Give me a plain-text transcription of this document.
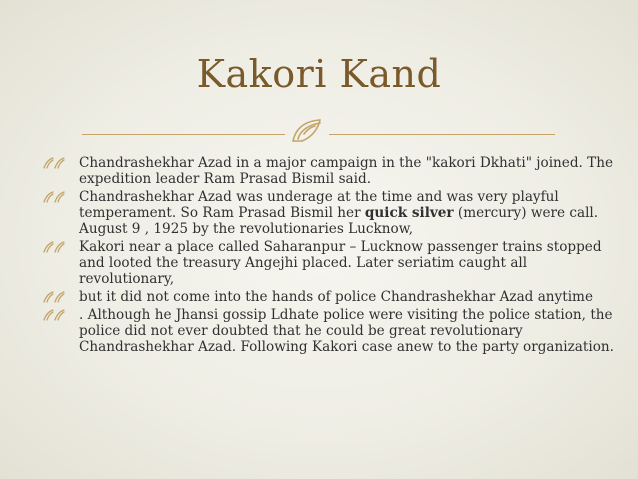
Kakori Kand
Chandrashekhar Azad in a major campaign in the "kakori Dkhati" joined. The expedition leader Ram Prasad Bismil said.
Chandrashekhar Azad was underage at the time and was very playful temperament. So Ram Prasad Bismil her quick silver (mercury) were call. August 9 , 1925 by the revolutionaries Lucknow,
Kakori near a place called Saharanpur – Lucknow passenger trains stopped and looted the treasury Angejhi placed. Later seriatim caught all revolutionary,
but it did not come into the hands of police Chandrashekhar Azad anytime
. Although he Jhansi gossip Ldhate police were visiting the police station, the police did not ever doubted that he could be great revolutionary Chandrashekhar Azad. Following Kakori case anew to the party organization.
